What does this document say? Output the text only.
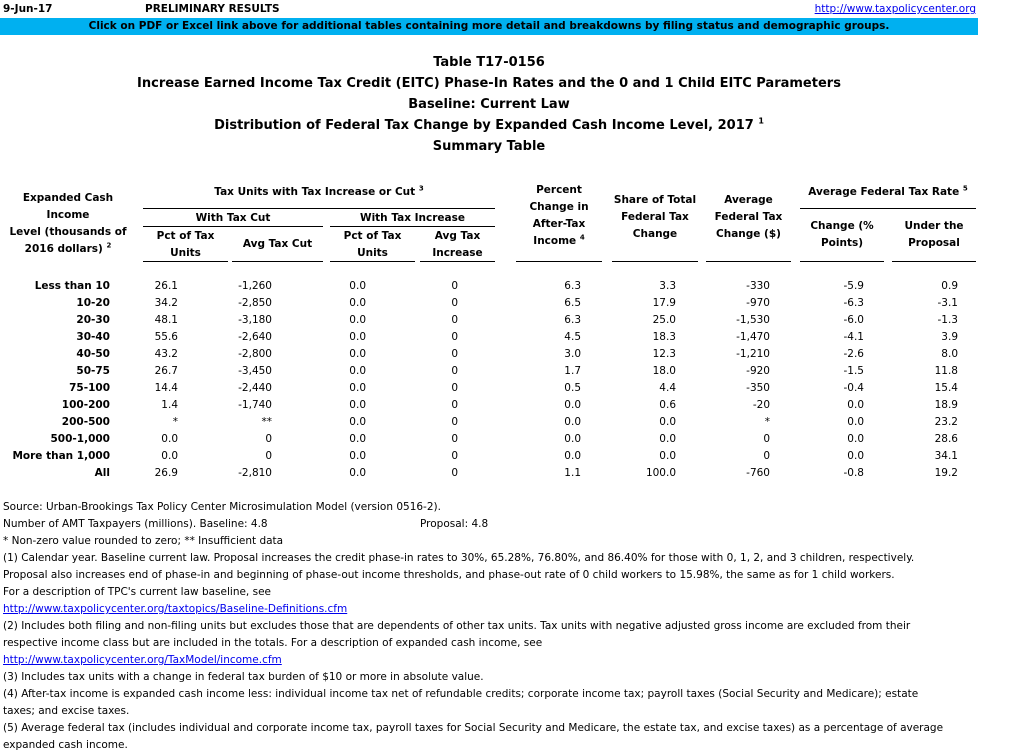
9-Jun-17	PRELIMINARY RESULTS	http://www.taxpolicycenter.org
Click on PDF or Excel link above for additional tables containing more detail and breakdowns by filing status and demographic groups.
Table T17-0156
Increase Earned Income Tax Credit (EITC) Phase-In Rates and the 0 and 1 Child EITC Parameters
Baseline: Current Law
Distribution of Federal Tax Change by Expanded Cash Income Level, 2017 $^1$
Summary Table
Expanded Cash Income
Level (thousands of
2016 dollars) $^2$
Tax Units with Tax Increase or Cut $^3$
With Tax Cut	With Tax Increase
Pct of Tax
Units
Avg Tax Cut
Pct of Tax
Units
Avg Tax
Increase
Percent
Change in
After-Tax
Income $^4$
Share of Total
Federal Tax
Change
Average
Federal Tax
Change ($)
Average Federal Tax Rate $^5$
Change (%
Points)
Under the
Proposal
Less than 10	26.1	-1,260	0.0	0	6.3	3.3	-330	-5.9	0.9
10-20	34.2	-2,850	0.0	0	6.5	17.9	-970	-6.3	-3.1
20-30	48.1	-3,180	0.0	0	6.3	25.0	-1,530	-6.0	-1.3
30-40	55.6	-2,640	0.0	0	4.5	18.3	-1,470	-4.1	3.9
40-50	43.2	-2,800	0.0	0	3.0	12.3	-1,210	-2.6	8.0
50-75	26.7	-3,450	0.0	0	1.7	18.0	-920	-1.5	11.8
75-100	14.4	-2,440	0.0	0	0.5	4.4	-350	-0.4	15.4
100-200	1.4	-1,740	0.0	0	0.0	0.6	-20	0.0	18.9
200-500	*	**	0.0	0	0.0	0.0	*	0.0	23.2
500-1,000	0.0	0	0.0	0	0.0	0.0	0	0.0	28.6
More than 1,000	0.0	0	0.0	0	0.0	0.0	0	0.0	34.1
All	26.9	-2,810	0.0	0	1.1	100.0	-760	-0.8	19.2
Source: Urban-Brookings Tax Policy Center Microsimulation Model (version 0516-2).
Number of AMT Taxpayers (millions). Baseline: 4.8	Proposal: 4.8
* Non-zero value rounded to zero; ** Insufficient data
(1) Calendar year. Baseline current law. Proposal increases the credit phase-in rates to 30%, 65.28%, 76.80%, and 86.40% for those with 0, 1, 2, and 3 children, respectively.
Proposal also increases end of phase-in and beginning of phase-out income thresholds, and phase-out rate of 0 child workers to 15.98%, the same as for 1 child workers.
For a description of TPC's current law baseline, see
http://www.taxpolicycenter.org/taxtopics/Baseline-Definitions.cfm
(2) Includes both filing and non-filing units but excludes those that are dependents of other tax units. Tax units with negative adjusted gross income are excluded from their
respective income class but are included in the totals. For a description of expanded cash income, see
http://www.taxpolicycenter.org/TaxModel/income.cfm
(3) Includes tax units with a change in federal tax burden of $10 or more in absolute value.
(4) After-tax income is expanded cash income less: individual income tax net of refundable credits; corporate income tax; payroll taxes (Social Security and Medicare); estate
taxes; and excise taxes.
(5) Average federal tax (includes individual and corporate income tax, payroll taxes for Social Security and Medicare, the estate tax, and excise taxes) as a percentage of average
expanded cash income.
